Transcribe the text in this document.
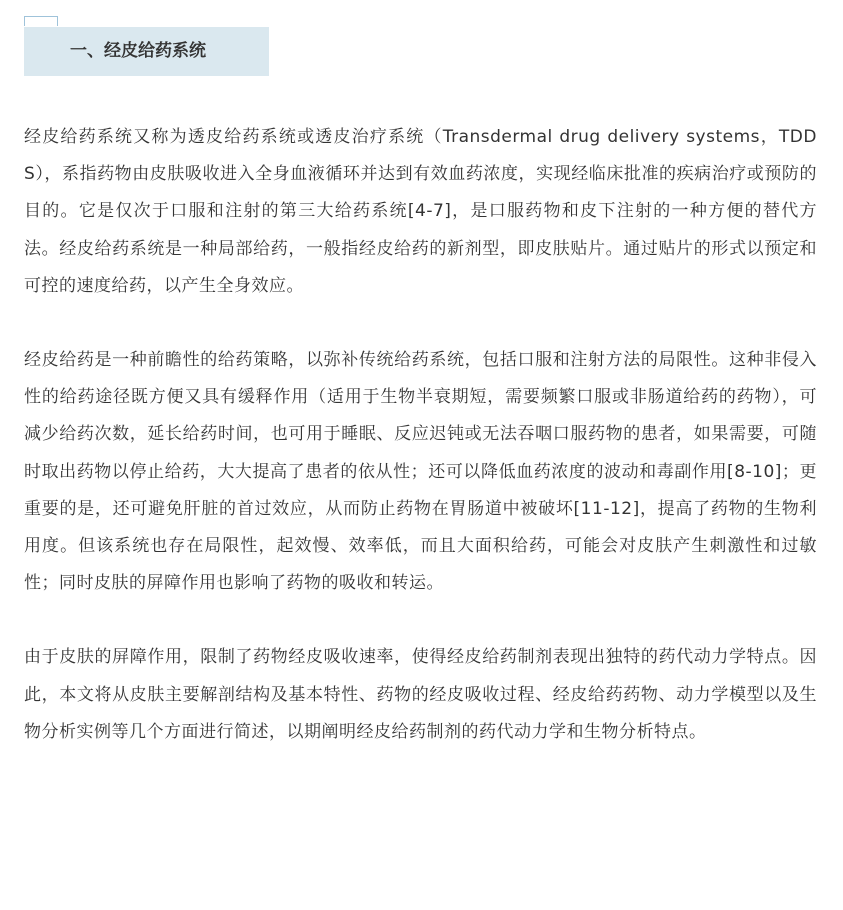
一、经皮给药系统

经皮给药系统又称为透皮给药系统或透皮治疗系统（Transdermal drug delivery systems，TDDS），系指药物由皮肤吸收进入全身血液循环并达到有效血药浓度，实现经临床批准的疾病治疗或预防的目的。它是仅次于口服和注射的第三大给药系统[4-7]，是口服药物和皮下注射的一种方便的替代方法。经皮给药系统是一种局部给药，一般指经皮给药的新剂型，即皮肤贴片。通过贴片的形式以预定和可控的速度给药，以产生全身效应。

经皮给药是一种前瞻性的给药策略，以弥补传统给药系统，包括口服和注射方法的局限性。这种非侵入性的给药途径既方便又具有缓释作用（适用于生物半衰期短，需要频繁口服或非肠道给药的药物），可减少给药次数，延长给药时间，也可用于睡眠、反应迟钝或无法吞咽口服药物的患者，如果需要，可随时取出药物以停止给药，大大提高了患者的依从性；还可以降低血药浓度的波动和毒副作用[8-10]；更重要的是，还可避免肝脏的首过效应，从而防止药物在胃肠道中被破坏[11-12]，提高了药物的生物利用度。但该系统也存在局限性，起效慢、效率低，而且大面积给药，可能会对皮肤产生刺激性和过敏性；同时皮肤的屏障作用也影响了药物的吸收和转运。

由于皮肤的屏障作用，限制了药物经皮吸收速率，使得经皮给药制剂表现出独特的药代动力学特点。因此，本文将从皮肤主要解剖结构及基本特性、药物的经皮吸收过程、经皮给药药物、动力学模型以及生物分析实例等几个方面进行简述，以期阐明经皮给药制剂的药代动力学和生物分析特点。
